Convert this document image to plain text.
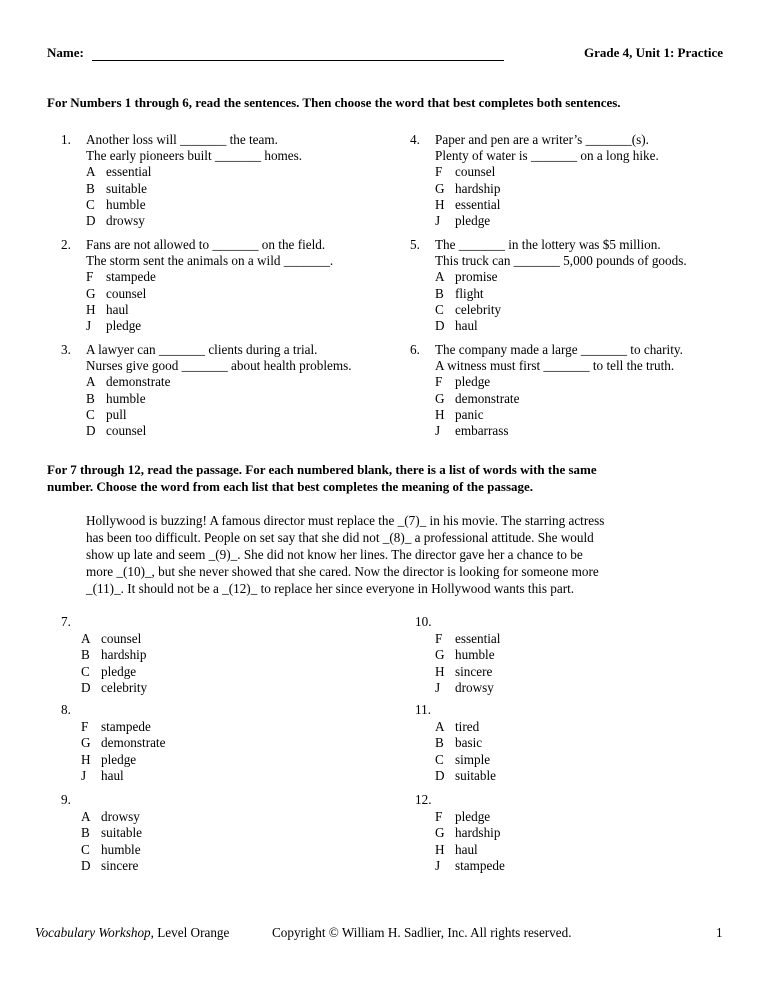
Name:	Grade 4, Unit 1: Practice
For Numbers 1 through 6, read the sentences. Then choose the word that best completes both sentences.
1.	Another loss will _______ the team.
The early pioneers built _______ homes.
A essential
B suitable
C humble
D drowsy
2.	Fans are not allowed to _______ on the field.
The storm sent the animals on a wild _______.
F stampede
G counsel
H haul
J	pledge
3.	A lawyer can _______ clients during a trial.
Nurses give good _______ about health problems.
A demonstrate
B humble
C pull
D counsel
4.	Paper and pen are a writer’s _______(s).
Plenty of water is _______ on a long hike.
F counsel
G hardship
H essential
J	pledge
5.	The _______ in the lottery was $5 million.
This truck can _______ 5,000 pounds of goods.
A promise
B flight
C celebrity
D haul
6.	The company made a large _______ to charity.
A witness must first _______ to tell the truth.
F pledge
G demonstrate
H panic
J	embarrass
For 7 through 12, read the passage. For each numbered blank, there is a list of words with the same
number. Choose the word from each list that best completes the meaning of the passage.
Hollywood is buzzing! A famous director must replace the _(7)_ in his movie. The starring actress
has been too difficult. People on set say that she did not _(8)_ a professional attitude. She would
show up late and seem _(9)_. She did not know her lines. The director gave her a chance to be
more _(10)_, but she never showed that she cared. Now the director is looking for someone more
_(11)_. It should not be a _(12)_ to replace her since everyone in Hollywood wants this part.
7.
A counsel
B hardship
C pledge
D celebrity
8.
F stampede
G demonstrate
H pledge
J	haul
9.
A drowsy
B suitable
C humble
D sincere
10.
F essential
G humble
H sincere
J	drowsy
11.
A tired
B basic
C simple
D suitable
12.
F pledge
G hardship
H haul
J	stampede
Vocabulary Workshop, Level Orange	Copyright © William H. Sadlier, Inc. All rights reserved.	1
